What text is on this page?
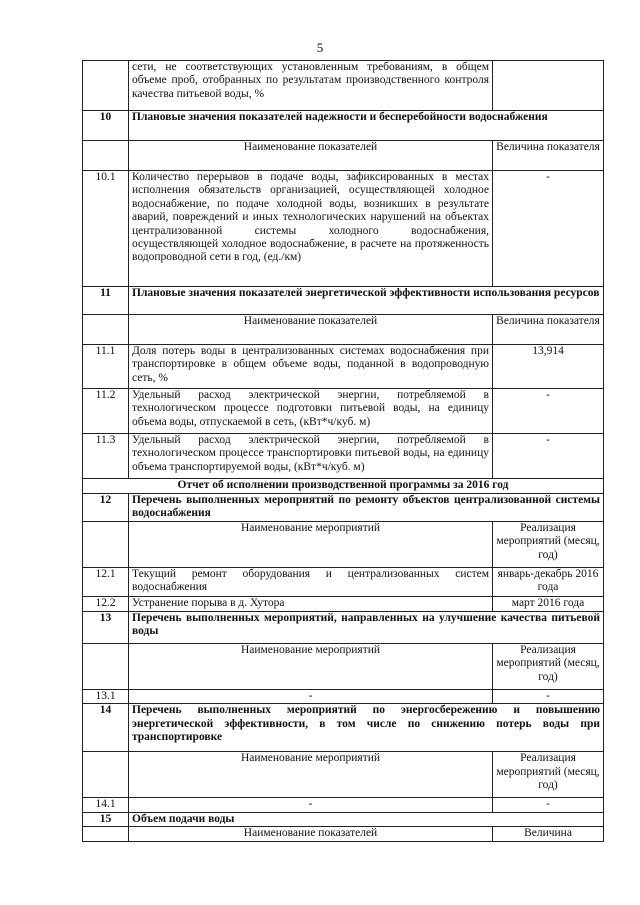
5
	сети, не соответствующих установленным требованиям, в общем объеме проб, отобранных по результатам производственного контроля качества питьевой воды, %	
10	Плановые значения показателей надежности и бесперебойности водоснабжения	
	Наименование показателей	Величина показателя
10.1	Количество перерывов в подаче воды, зафиксированных в местах исполнения обязательств организацией, осуществляющей холодное водоснабжение, по подаче холодной воды, возникших в результате аварий, повреждений и иных технологических нарушений на объектах централизованной системы холодного водоснабжения, осуществляющей холодное водоснабжение, в расчете на протяженность водопроводной сети в год, (ед./км)	-
11	Плановые значения показателей энергетической эффективности использования ресурсов	
	Наименование показателей	Величина показателя
11.1	Доля потерь воды в централизованных системах водоснабжения при транспортировке в общем объеме воды, поданной в водопроводную сеть, %	13,914
11.2	Удельный расход электрической энергии, потребляемой в технологическом процессе подготовки питьевой воды, на единицу объема воды, отпускаемой в сеть, (кВт*ч/куб. м)	-
11.3	Удельный расход электрической энергии, потребляемой в технологическом процессе транспортировки питьевой воды, на единицу объема транспортируемой воды, (кВт*ч/куб. м)	-
Отчет об исполнении производственной программы за 2016 год		
12	Перечень выполненных мероприятий по ремонту объектов централизованной системы водоснабжения	
	Наименование мероприятий	Реализация мероприятий (месяц, год)
12.1	Текущий ремонт оборудования и централизованных систем водоснабжения	январь-декабрь 2016 года
12.2	Устранение порыва в д. Хутора	март 2016 года
13	Перечень выполненных мероприятий, направленных на улучшение качества питьевой воды	
	Наименование мероприятий	Реализация мероприятий (месяц, год)
13.1	-	-
14	Перечень выполненных мероприятий по энергосбережению и повышению энергетической эффективности, в том числе по снижению потерь воды при транспортировке	
	Наименование мероприятий	Реализация мероприятий (месяц, год)
14.1	-	-
15	Объем подачи воды	
	Наименование показателей	Величина
